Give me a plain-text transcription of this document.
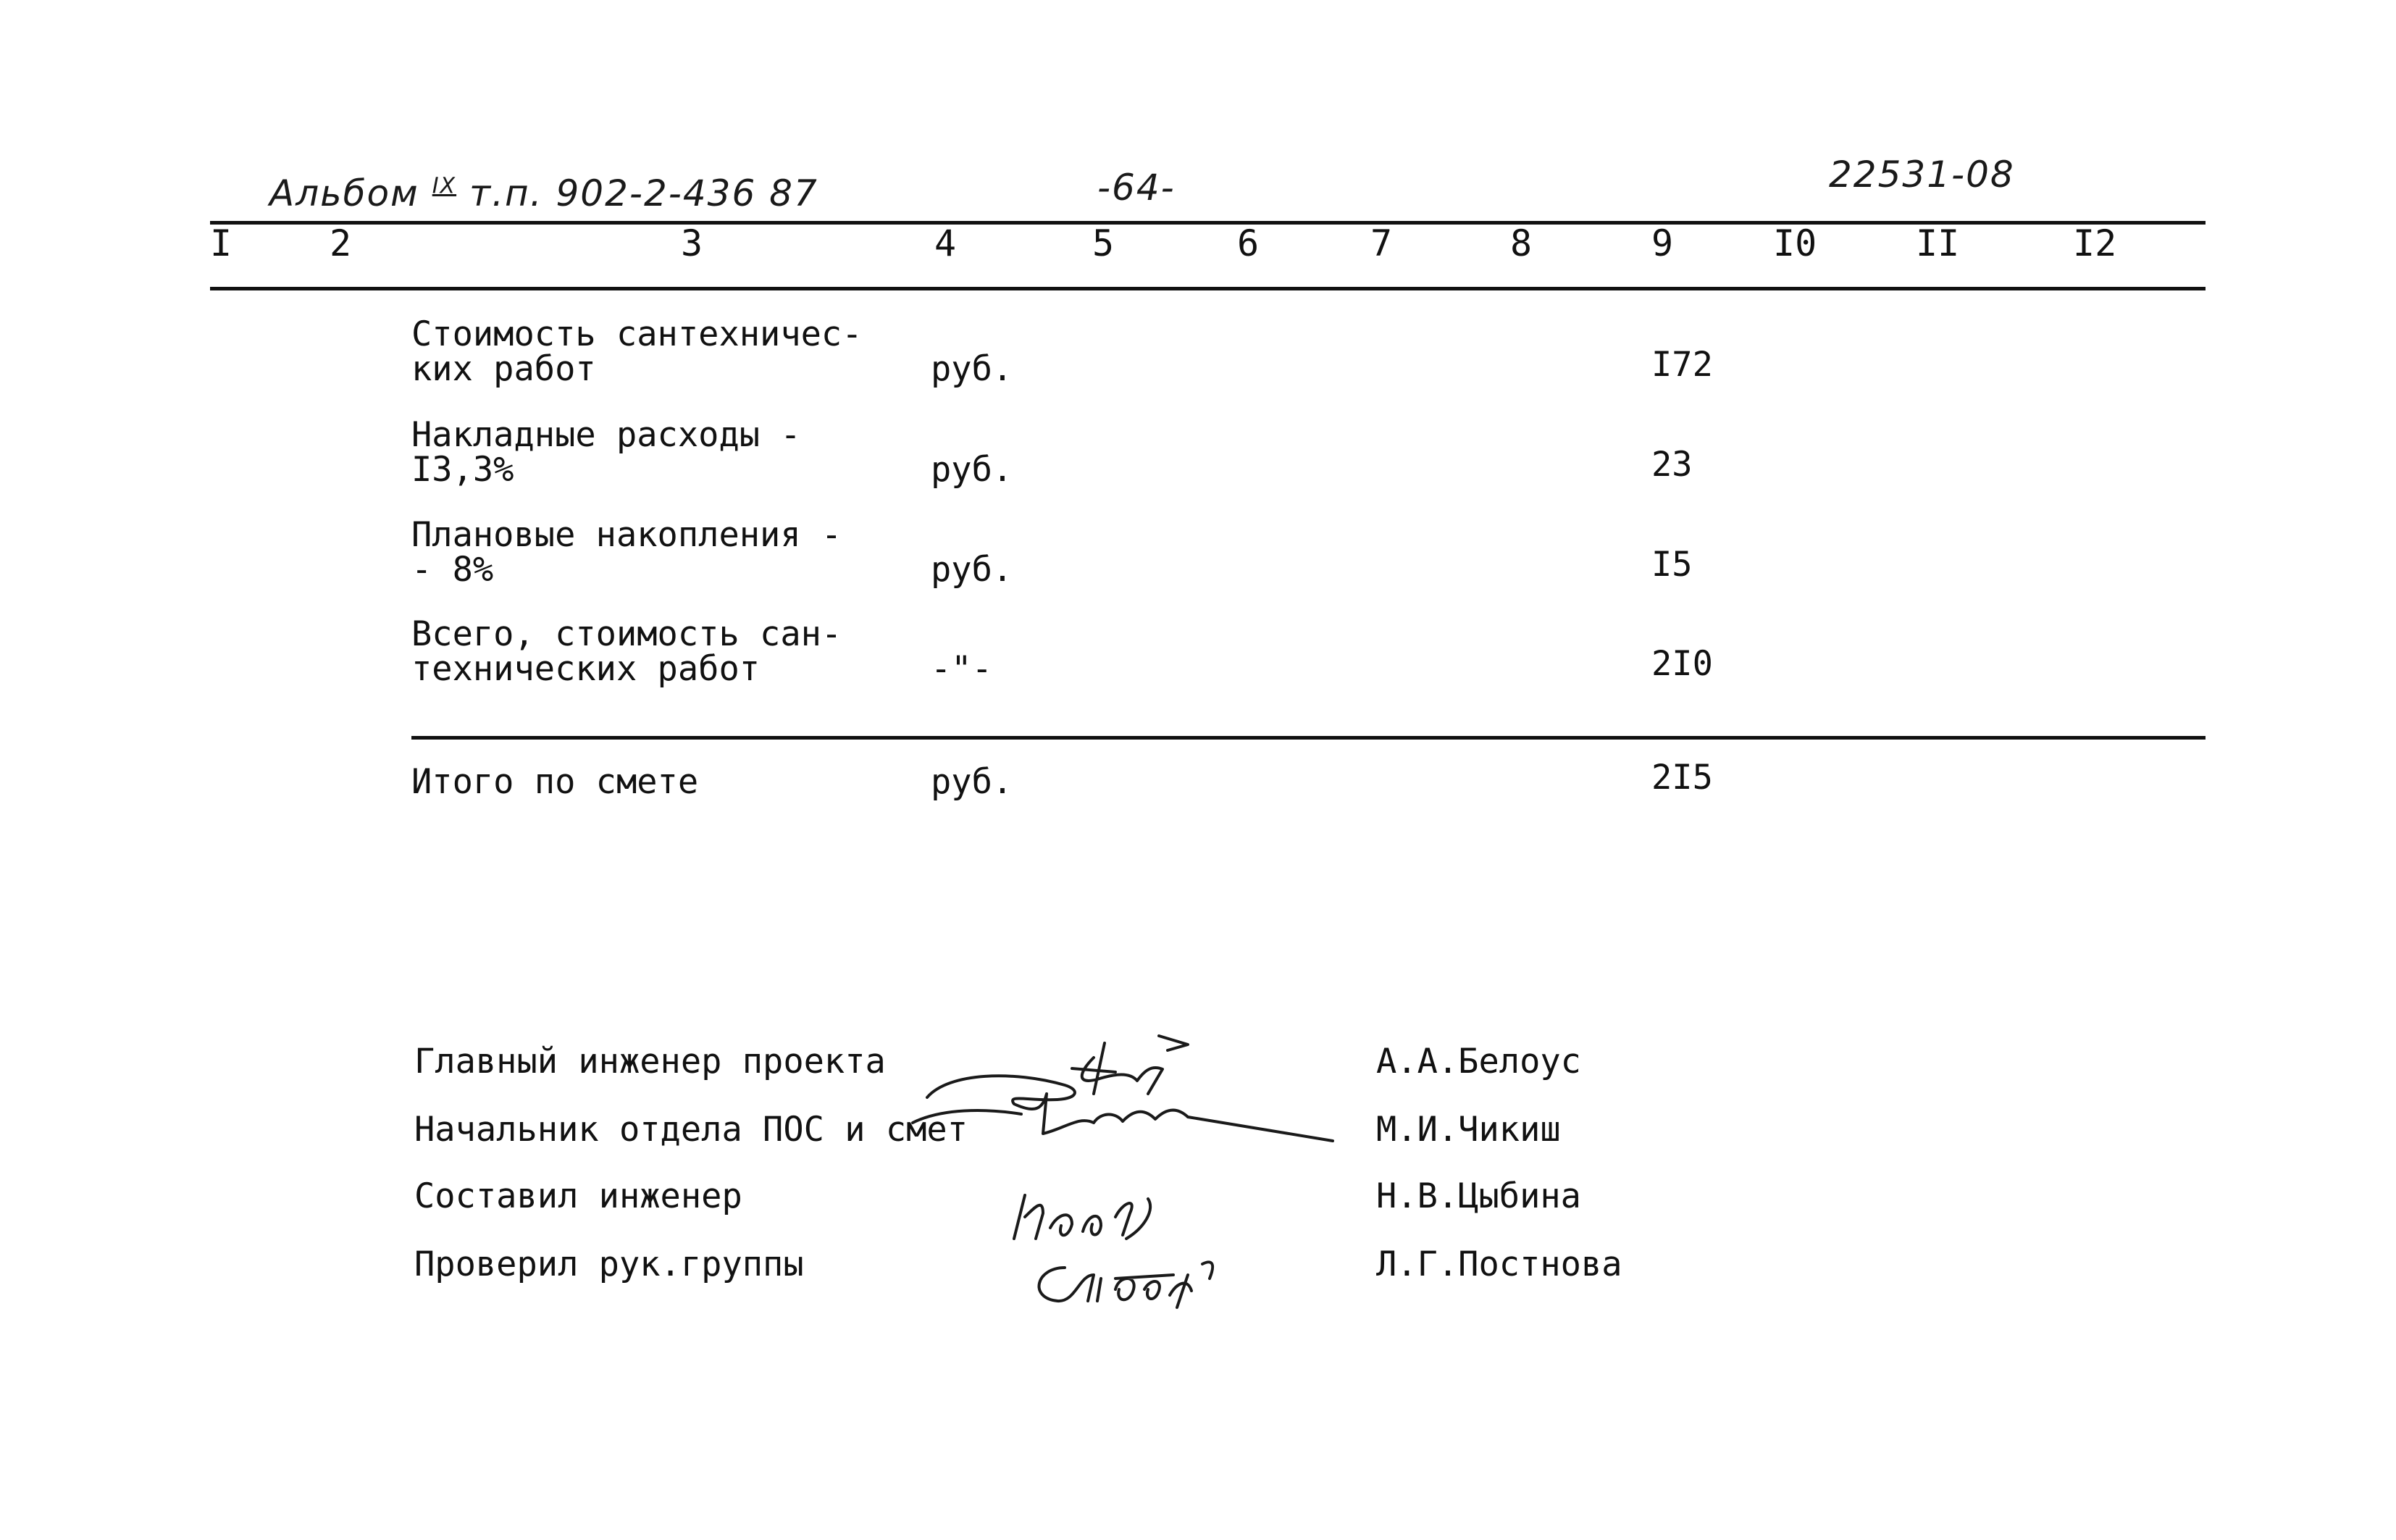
Альбом $^{IX}$ т.п. 902-2-436 87	-64-	22531-08
I	2	3	4	5	6	7	8	9	I0	II	I2
Стоимость сантехничес-
ких работ	руб.	I72
Накладные расходы -
I3,3%	руб.	23
Плановые накопления -
- 8%	руб.	I5
Всего, стоимость сан-
технических работ	-"-	2I0
Итого по смете	руб.	2I5
Главный инженер проекта	А.А.Белоус
Начальник отдела ПОС и смет	М.И.Чикиш
Составил инженер	Н.В.Цыбина
Проверил рук.группы	Л.Г.Постнова
